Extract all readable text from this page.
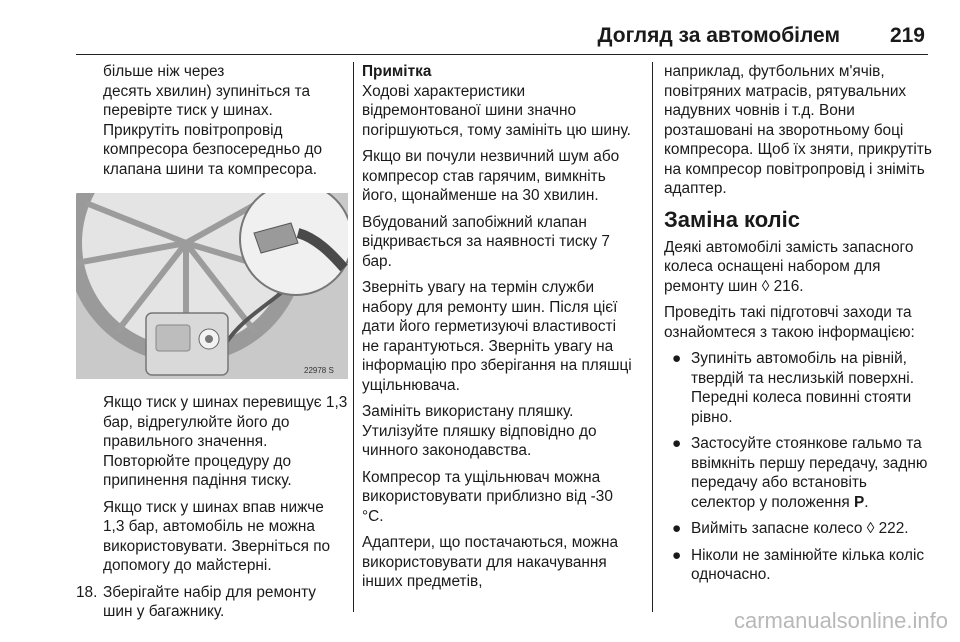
Догляд за автомобілем 219
більше ніж через
десять хвилин) зупиніться та
перевірте тиск у шинах.
Прикрутіть повітропровід
компресора безпосередньо до
клапана шини та компресора.
22978 S

Якщо тиск у шинах перевищує 1,3 бар, відрегулюйте його до правильного значення. Повторюйте процедуру до припинення падіння тиску.

Якщо тиск у шинах впав нижче 1,3 бар, автомобіль не можна використовувати. Зверніться по допомогу до майстерні.

18. Зберігайте набір для ремонту шин у багажнику.
Примітка

Ходові характеристики відремонтованої шини значно погіршуються, тому замініть цю шину.

Якщо ви почули незвичний шум або компресор став гарячим, вимкніть його, щонайменше на 30 хвилин.

Вбудований запобіжний клапан відкривається за наявності тиску 7 бар.

Зверніть увагу на термін служби набору для ремонту шин. Після цієї дати його герметизуючі властивості не гарантуються. Зверніть увагу на інформацію про зберігання на пляшці ущільнювача.

Замініть використану пляшку. Утилізуйте пляшку відповідно до чинного законодавства.

Компресор та ущільнювач можна використовувати приблизно від -30 °C.

Адаптери, що постачаються, можна використовувати для накачування інших предметів,

наприклад, футбольних м'ячів, повітряних матрасів, рятувальних надувних човнів і т.д. Вони розташовані на зворотньому боці компресора. Щоб їх зняти, прикрутіть на компресор повітропровід і зніміть адаптер.

Заміна коліс

Деякі автомобілі замість запасного колеса оснащені набором для ремонту шин ◊ 216.

Проведіть такі підготовчі заходи та ознайомтеся з такою інформацією:

● Зупиніть автомобіль на рівній, твердій та неслизькій поверхні. Передні колеса повинні стояти рівно.
● Застосуйте стоянкове гальмо та ввімкніть першу передачу, задню передачу або встановіть селектор у положення P.
● Вийміть запасне колесо ◊ 222.
● Ніколи не замінюйте кілька коліс одночасно.
carmanualsonline.info
